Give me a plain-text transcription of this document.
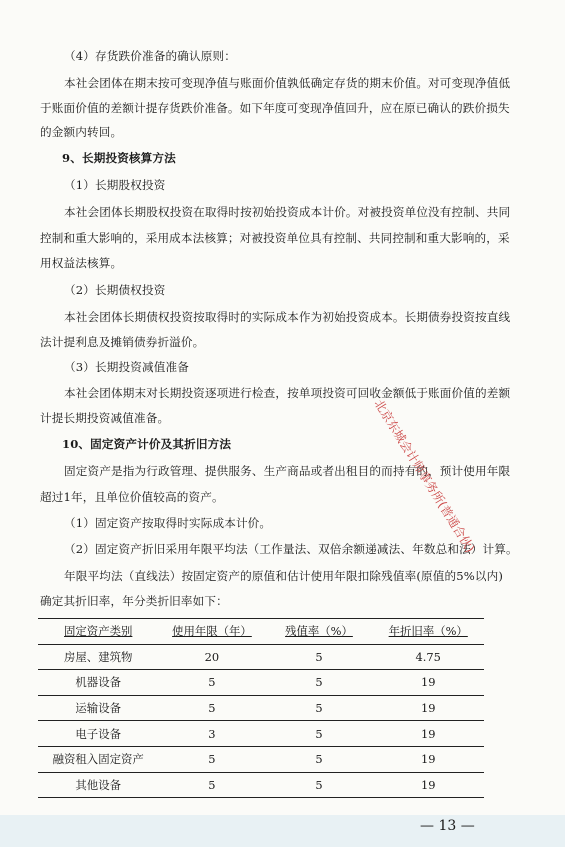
（4）存货跌价准备的确认原则：
本社会团体在期末按可变现净值与账面价值孰低确定存货的期末价值。对可变现净值低
于账面价值的差额计提存货跌价准备。如下年度可变现净值回升，应在原已确认的跌价损失
的金额内转回。
9、长期投资核算方法
（1）长期股权投资
本社会团体长期股权投资在取得时按初始投资成本计价。对被投资单位没有控制、共同
控制和重大影响的，采用成本法核算；对被投资单位具有控制、共同控制和重大影响的，采
用权益法核算。
（2）长期债权投资
本社会团体长期债权投资按取得时的实际成本作为初始投资成本。长期债券投资按直线
法计提利息及摊销债券折溢价。
（3）长期投资减值准备
本社会团体期末对长期投资逐项进行检查，按单项投资可回收金额低于账面价值的差额
计提长期投资减值准备。
10、固定资产计价及其折旧方法
固定资产是指为行政管理、提供服务、生产商品或者出租目的而持有的，预计使用年限
超过1年，且单位价值较高的资产。
（1）固定资产按取得时实际成本计价。
（2）固定资产折旧采用年限平均法（工作量法、双倍余额递减法、年数总和法）计算。
年限平均法（直线法）按固定资产的原值和估计使用年限扣除残值率(原值的5%以内)
确定其折旧率，年分类折旧率如下：
固定资产类别	使用年限（年）	残值率（%）	年折旧率（%）
房屋、建筑物	20	5	4.75
机器设备	5	5	19
运输设备	5	5	19
电子设备	3	5	19
融资租入固定资产	5	5	19
其他设备	5	5	19
北京东城会计师事务所(普通合伙)
— 13 —
